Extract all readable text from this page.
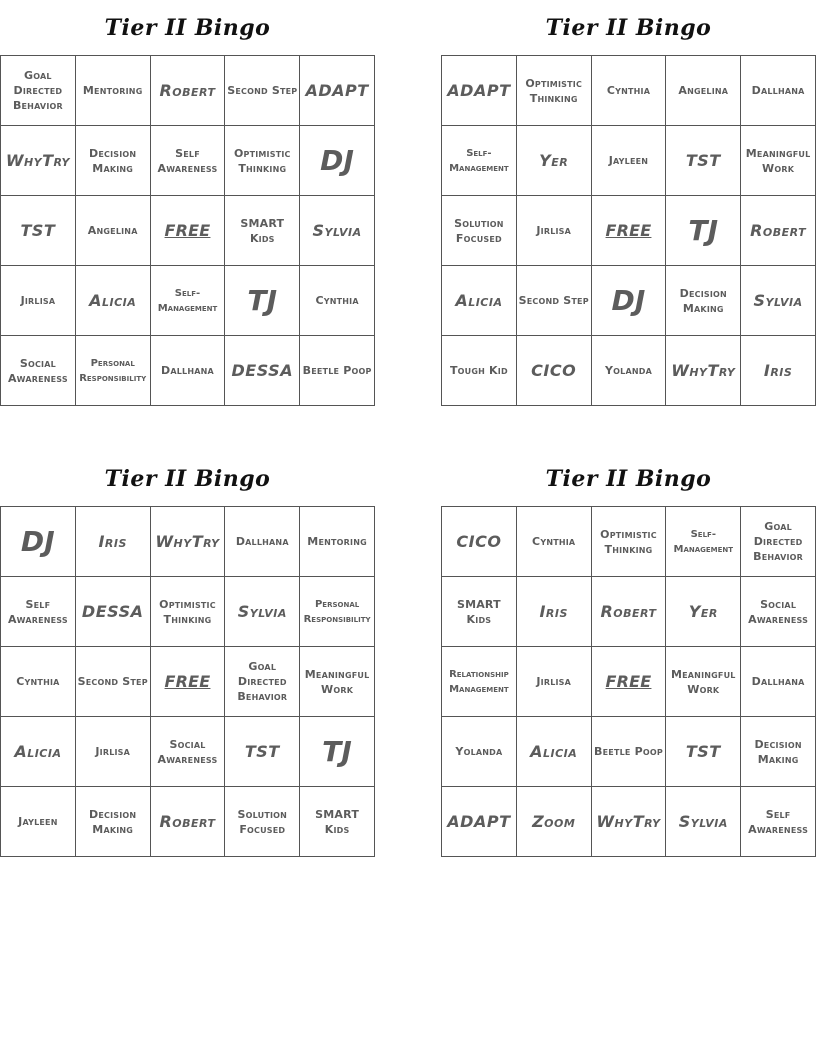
Tier II Bingo
Goal Directed Behavior	Mentoring	Robert	Second Step	ADAPT
WhyTry	Decision Making	Self Awareness	Optimistic Thinking	DJ
TST	Angelina	FREE	SMART Kids	Sylvia
Jirlisa	Alicia	Self-Management	TJ	Cynthia
Social Awareness	Personal Responsibility	Dallhana	DESSA	Beetle Poop
Tier II Bingo
ADAPT	Optimistic Thinking	Cynthia	Angelina	Dallhana
Self-Management	Yer	Jayleen	TST	Meaningful Work
Solution Focused	Jirlisa	FREE	TJ	Robert
Alicia	Second Step	DJ	Decision Making	Sylvia
Tough Kid	CICO	Yolanda	WhyTry	Iris
Tier II Bingo
DJ	Iris	WhyTry	Dallhana	Mentoring
Self Awareness	DESSA	Optimistic Thinking	Sylvia	Personal Responsibility
Cynthia	Second Step	FREE	Goal Directed Behavior	Meaningful Work
Alicia	Jirlisa	Social Awareness	TST	TJ
Jayleen	Decision Making	Robert	Solution Focused	SMART Kids
Tier II Bingo
CICO	Cynthia	Optimistic Thinking	Self-Management	Goal Directed Behavior
SMART Kids	Iris	Robert	Yer	Social Awareness
Relationship Management	Jirlisa	FREE	Meaningful Work	Dallhana
Yolanda	Alicia	Beetle Poop	TST	Decision Making
ADAPT	Zoom	WhyTry	Sylvia	Self Awareness
